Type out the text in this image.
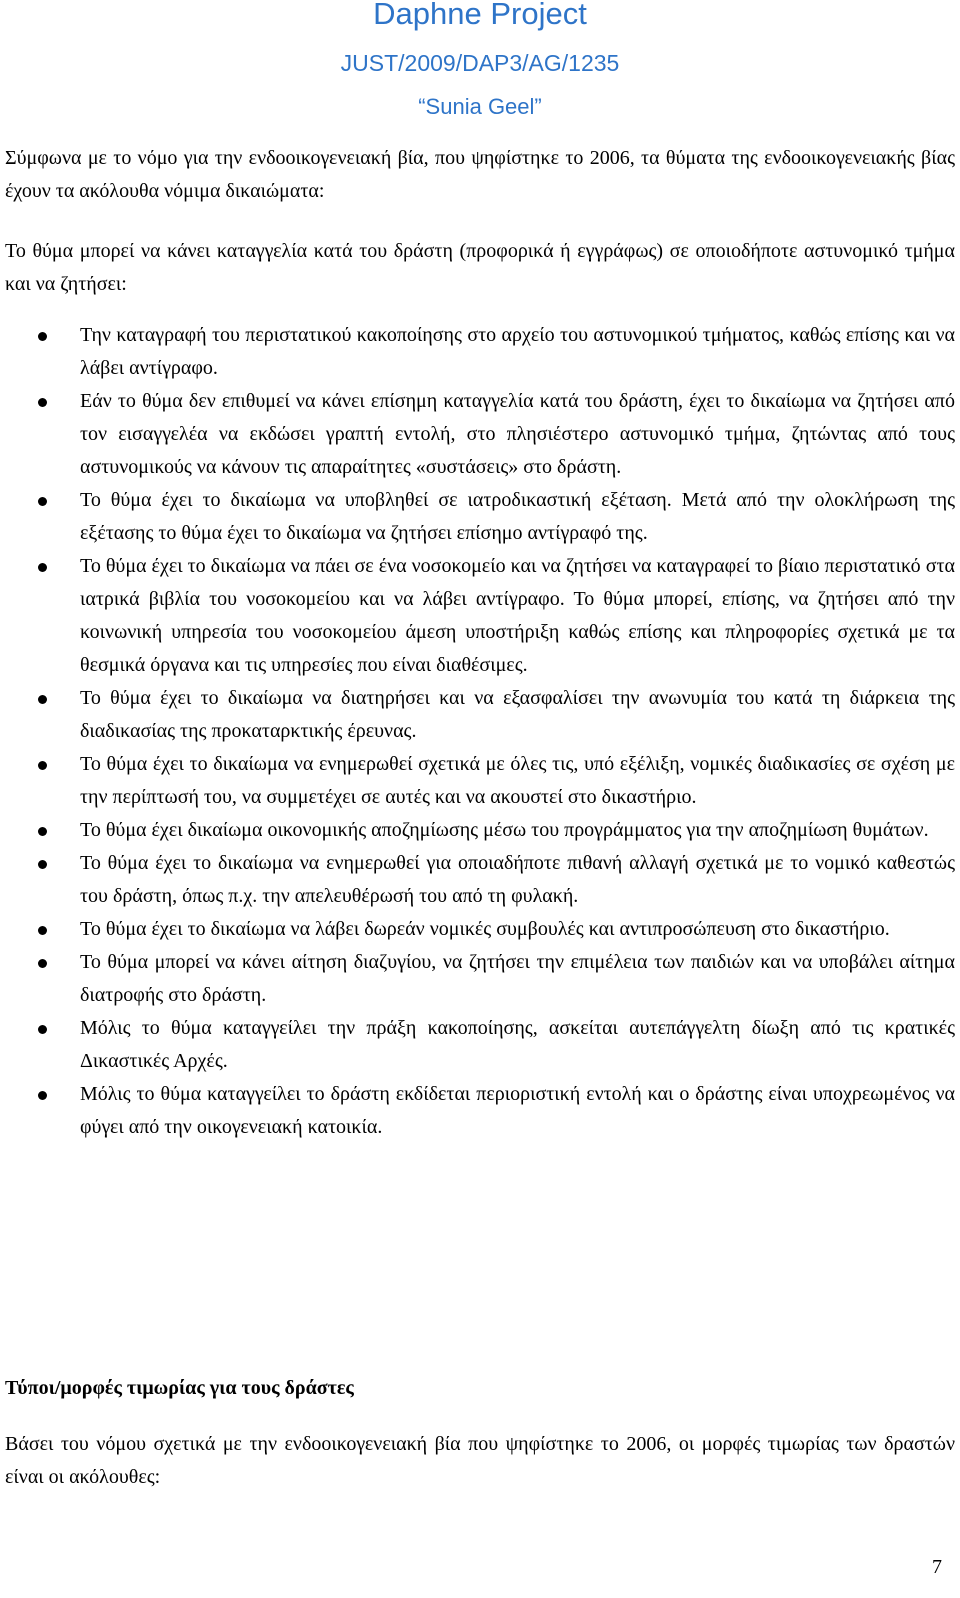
Daphne Project
JUST/2009/DAP3/AG/1235
“Sunia Geel”
Σύμφωνα με το νόμο για την ενδοοικογενειακή βία, που ψηφίστηκε το 2006, τα θύματα της ενδοοικογενειακής βίας έχουν τα ακόλουθα νόμιμα δικαιώματα:
Το θύμα μπορεί να κάνει καταγγελία κατά του δράστη (προφορικά ή εγγράφως) σε οποιοδήποτε αστυνομικό τμήμα και να ζητήσει:
Την καταγραφή του περιστατικού κακοποίησης στο αρχείο του αστυνομικού τμήματος, καθώς επίσης και να λάβει αντίγραφο.
Εάν το θύμα δεν επιθυμεί να κάνει επίσημη καταγγελία κατά του δράστη, έχει το δικαίωμα να ζητήσει από τον εισαγγελέα να εκδώσει γραπτή εντολή, στο πλησιέστερο αστυνομικό τμήμα, ζητώντας από τους αστυνομικούς να κάνουν τις απαραίτητες «συστάσεις» στο δράστη.
Το θύμα έχει το δικαίωμα να υποβληθεί σε ιατροδικαστική εξέταση. Μετά από την ολοκλήρωση της εξέτασης το θύμα έχει το δικαίωμα να ζητήσει επίσημο αντίγραφό της.
Το θύμα έχει το δικαίωμα να πάει σε ένα νοσοκομείο και να ζητήσει να καταγραφεί το βίαιο περιστατικό στα ιατρικά βιβλία του νοσοκομείου και να λάβει αντίγραφο. Το θύμα μπορεί, επίσης, να ζητήσει από την κοινωνική υπηρεσία του νοσοκομείου άμεση υποστήριξη καθώς επίσης και πληροφορίες σχετικά με τα θεσμικά όργανα και τις υπηρεσίες που είναι διαθέσιμες.
Το θύμα έχει το δικαίωμα να διατηρήσει και να εξασφαλίσει την ανωνυμία του κατά τη διάρκεια της διαδικασίας της προκαταρκτικής έρευνας.
Το θύμα έχει το δικαίωμα να ενημερωθεί σχετικά με όλες τις, υπό εξέλιξη, νομικές διαδικασίες σε σχέση με την περίπτωσή του, να συμμετέχει σε αυτές και να ακουστεί στο δικαστήριο.
Το θύμα έχει δικαίωμα οικονομικής αποζημίωσης μέσω του προγράμματος για την αποζημίωση θυμάτων.
Το θύμα έχει το δικαίωμα να ενημερωθεί για οποιαδήποτε πιθανή αλλαγή σχετικά με το νομικό καθεστώς του δράστη, όπως π.χ. την απελευθέρωσή του από τη φυλακή.
Το θύμα έχει το δικαίωμα να λάβει δωρεάν νομικές συμβουλές και αντιπροσώπευση στο δικαστήριο.
Το θύμα μπορεί να κάνει αίτηση διαζυγίου, να ζητήσει την επιμέλεια των παιδιών και να υποβάλει αίτημα διατροφής στο δράστη.
Μόλις το θύμα καταγγείλει την πράξη κακοποίησης, ασκείται αυτεπάγγελτη δίωξη από τις κρατικές Δικαστικές Αρχές.
Μόλις το θύμα καταγγείλει το δράστη εκδίδεται περιοριστική εντολή και ο δράστης είναι υποχρεωμένος να φύγει από την οικογενειακή κατοικία.
Τύποι/μορφές τιμωρίας για τους δράστες
Βάσει του νόμου σχετικά με την ενδοοικογενειακή βία που ψηφίστηκε το 2006, οι μορφές τιμωρίας των δραστών είναι οι ακόλουθες:
7
